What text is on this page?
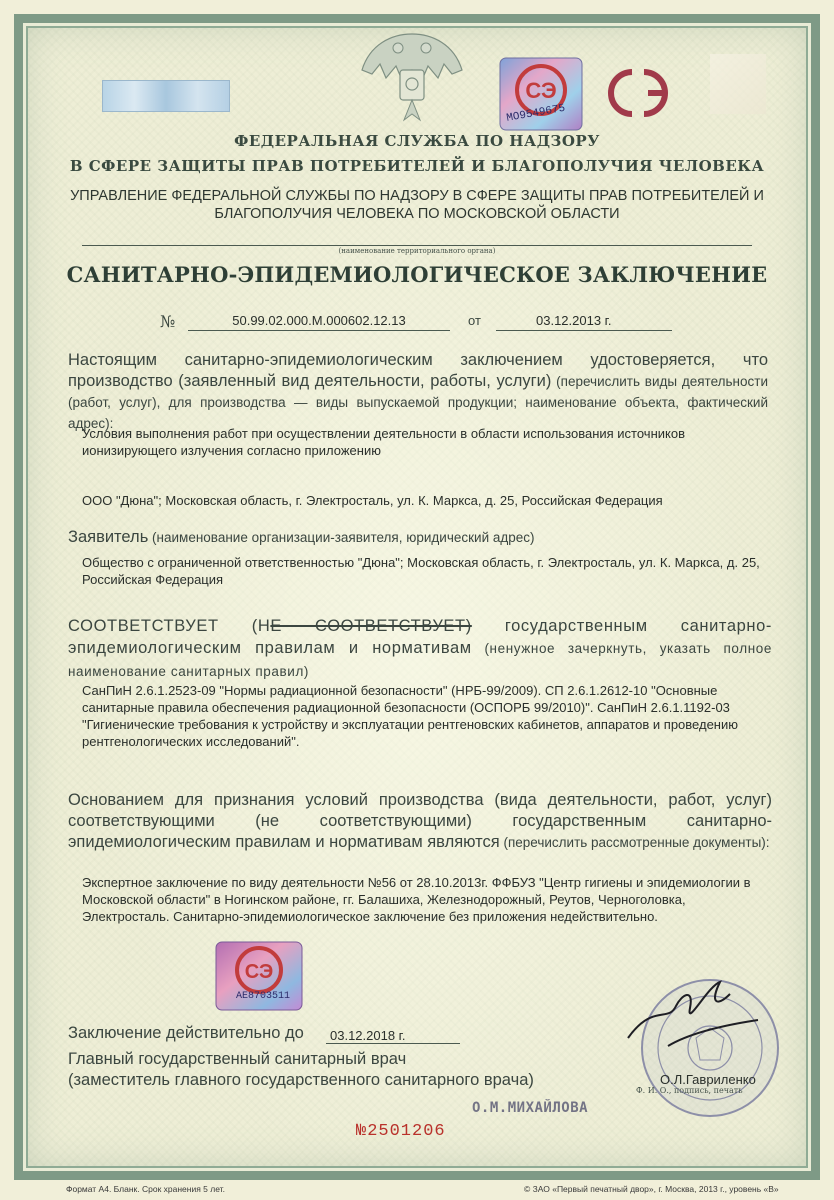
СЭ
МО9549675
ФЕДЕРАЛЬНАЯ СЛУЖБА ПО НАДЗОРУ
В СФЕРЕ ЗАЩИТЫ ПРАВ ПОТРЕБИТЕЛЕЙ И БЛАГОПОЛУЧИЯ ЧЕЛОВЕКА
УПРАВЛЕНИЕ ФЕДЕРАЛЬНОЙ СЛУЖБЫ ПО НАДЗОРУ В СФЕРЕ ЗАЩИТЫ ПРАВ ПОТРЕБИТЕЛЕЙ И БЛАГОПОЛУЧИЯ ЧЕЛОВЕКА ПО МОСКОВСКОЙ ОБЛАСТИ
(наименование территориального органа)
САНИТАРНО-ЭПИДЕМИОЛОГИЧЕСКОЕ ЗАКЛЮЧЕНИЕ
№	50.99.02.000.М.000602.12.13	от	03.12.2013 г.
Настоящим санитарно-эпидемиологическим заключением удостоверяется, что производство (заявленный вид деятельности, работы, услуги) (перечислить виды деятельности (работ, услуг), для производства — виды выпускаемой продукции; наименование объекта, фактический адрес):
Условия выполнения работ при осуществлении деятельности в области использования источников ионизирующего излучения согласно приложению
ООО "Дюна"; Московская область, г. Электросталь, ул. К. Маркса, д. 25, Российская Федерация
Заявитель (наименование организации-заявителя, юридический адрес)
Общество с ограниченной ответственностью "Дюна"; Московская область, г. Электросталь, ул. К. Маркса, д. 25, Российская Федерация
СООТВЕТСТВУЕТ (НЕ СООТВЕТСТВУЕТ) государственным санитарно-эпидемиологическим правилам и нормативам (ненужное зачеркнуть, указать полное наименование санитарных правил)
СанПиН 2.6.1.2523-09 "Нормы радиационной безопасности" (НРБ-99/2009). СП 2.6.1.2612-10 "Основные санитарные правила обеспечения радиационной безопасности (ОСПОРБ 99/2010)". СанПиН 2.6.1.1192-03 "Гигиенические требования к устройству и эксплуатации рентгеновских кабинетов, аппаратов и проведению рентгенологических исследований".
Основанием для признания условий производства (вида деятельности, работ, услуг) соответствующими (не соответствующими) государственным санитарно-эпидемиологическим правилам и нормативам являются (перечислить рассмотренные документы):
Экспертное заключение по виду деятельности №56 от 28.10.2013г. ФФБУЗ "Центр гигиены и эпидемиологии в Московской области" в Ногинском районе, гг. Балашиха, Железнодорожный, Реутов, Черноголовка, Электросталь. Санитарно-эпидемиологическое заключение без приложения недействительно.
СЭ
АЕ8703511
Заключение действительно до	03.12.2018 г.
Главный государственный санитарный врач
(заместитель главного государственного санитарного врача)	О.Л.Гавриленко
Ф. И. О., подпись, печать
О.М.МИХАЙЛОВА
№2501206
Формат А4. Бланк. Срок хранения 5 лет.	© ЗАО «Первый печатный двор», г. Москва, 2013 г., уровень «В»
